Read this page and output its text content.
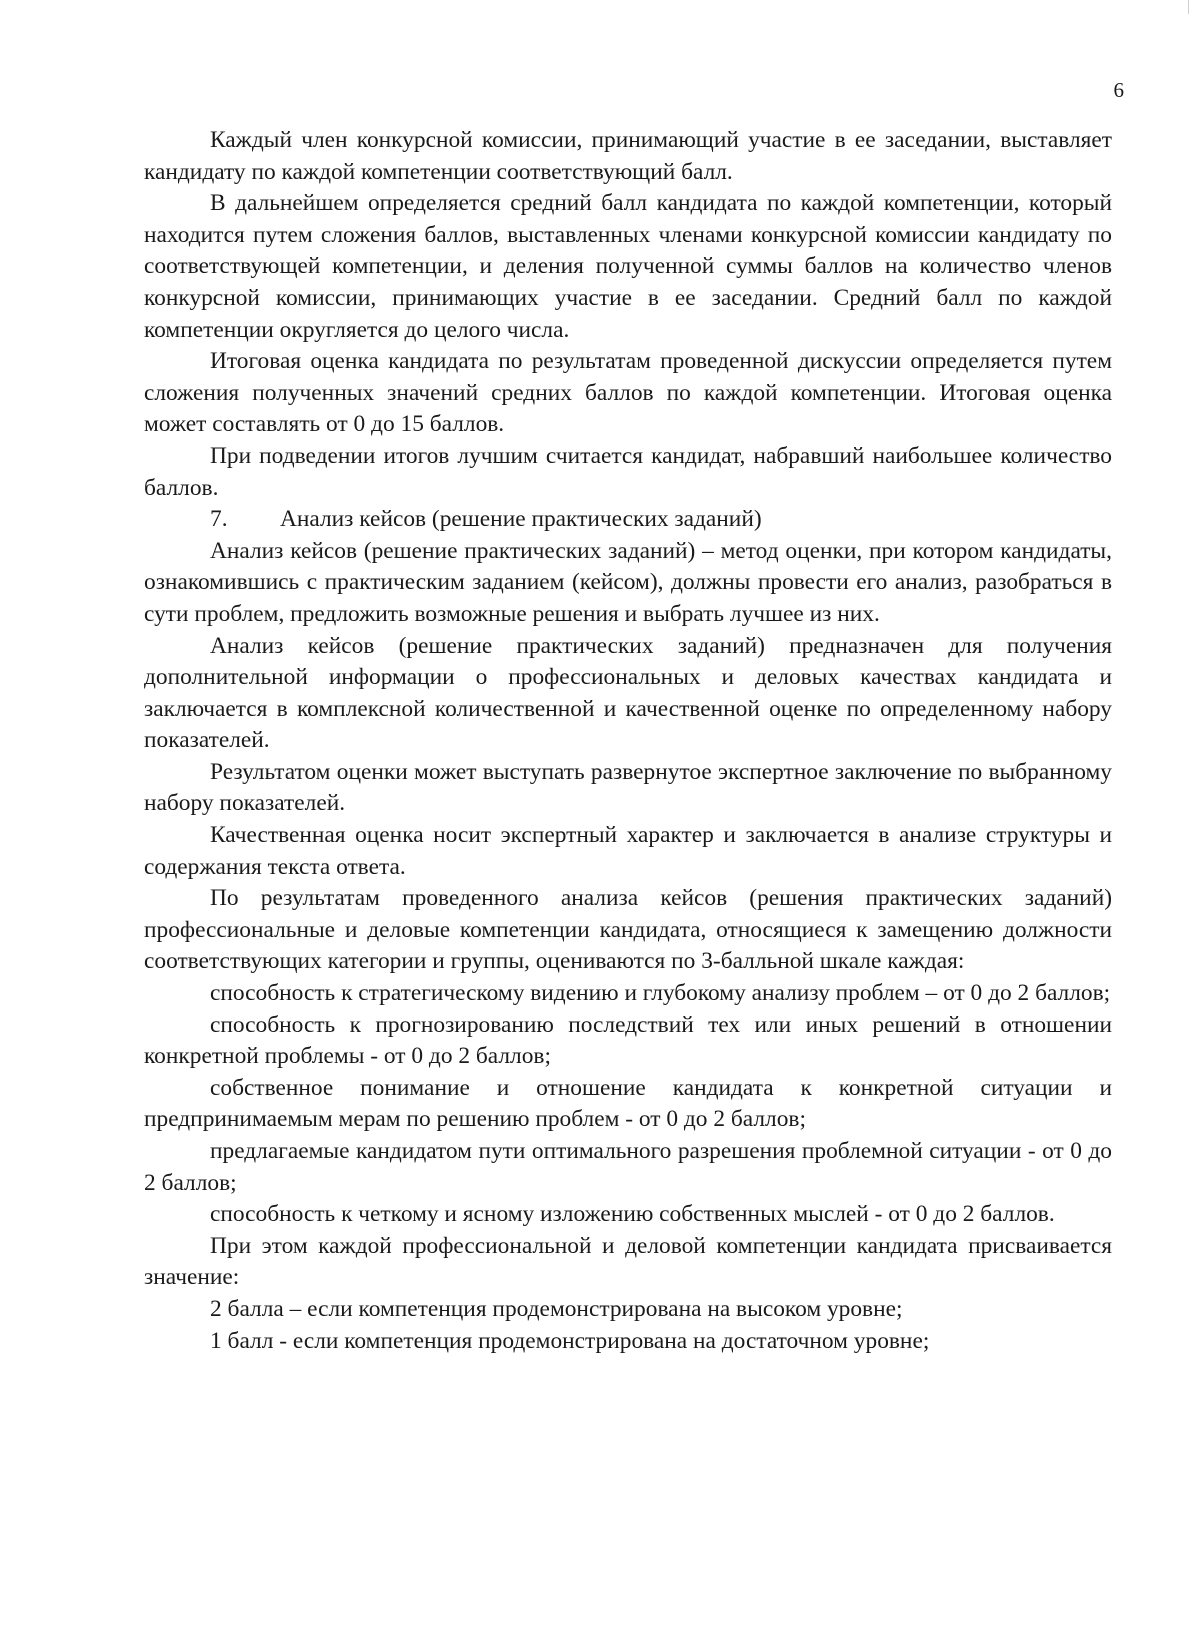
6

Каждый член конкурсной комиссии, принимающий участие в ее заседании, выставляет кандидату по каждой компетенции соответствующий балл.

В дальнейшем определяется средний балл кандидата по каждой компетенции, который находится путем сложения баллов, выставленных членами конкурсной комиссии кандидату по соответствующей компетенции, и деления полученной суммы баллов на количество членов конкурсной комиссии, принимающих участие в ее заседании. Средний балл по каждой компетенции округляется до целого числа.

Итоговая оценка кандидата по результатам проведенной дискуссии определяется путем сложения полученных значений средних баллов по каждой компетенции. Итоговая оценка может составлять от 0 до 15 баллов.

При подведении итогов лучшим считается кандидат, набравший наибольшее количество баллов.

7. Анализ кейсов (решение практических заданий)

Анализ кейсов (решение практических заданий) – метод оценки, при котором кандидаты, ознакомившись с практическим заданием (кейсом), должны провести его анализ, разобраться в сути проблем, предложить возможные решения и выбрать лучшее из них.

Анализ кейсов (решение практических заданий) предназначен для получения дополнительной информации о профессиональных и деловых качествах кандидата и заключается в комплексной количественной и качественной оценке по определенному набору показателей.

Результатом оценки может выступать развернутое экспертное заключение по выбранному набору показателей.

Качественная оценка носит экспертный характер и заключается в анализе структуры и содержания текста ответа.

По результатам проведенного анализа кейсов (решения практических заданий) профессиональные и деловые компетенции кандидата, относящиеся к замещению должности соответствующих категории и группы, оцениваются по 3-балльной шкале каждая:

способность к стратегическому видению и глубокому анализу проблем – от 0 до 2 баллов;

способность к прогнозированию последствий тех или иных решений в отношении конкретной проблемы - от 0 до 2 баллов;

собственное понимание и отношение кандидата к конкретной ситуации и предпринимаемым мерам по решению проблем - от 0 до 2 баллов;

предлагаемые кандидатом пути оптимального разрешения проблемной ситуации - от 0 до 2 баллов;

способность к четкому и ясному изложению собственных мыслей - от 0 до 2 баллов.

При этом каждой профессиональной и деловой компетенции кандидата присваивается значение:

2 балла – если компетенция продемонстрирована на высоком уровне;

1 балл - если компетенция продемонстрирована на достаточном уровне;
